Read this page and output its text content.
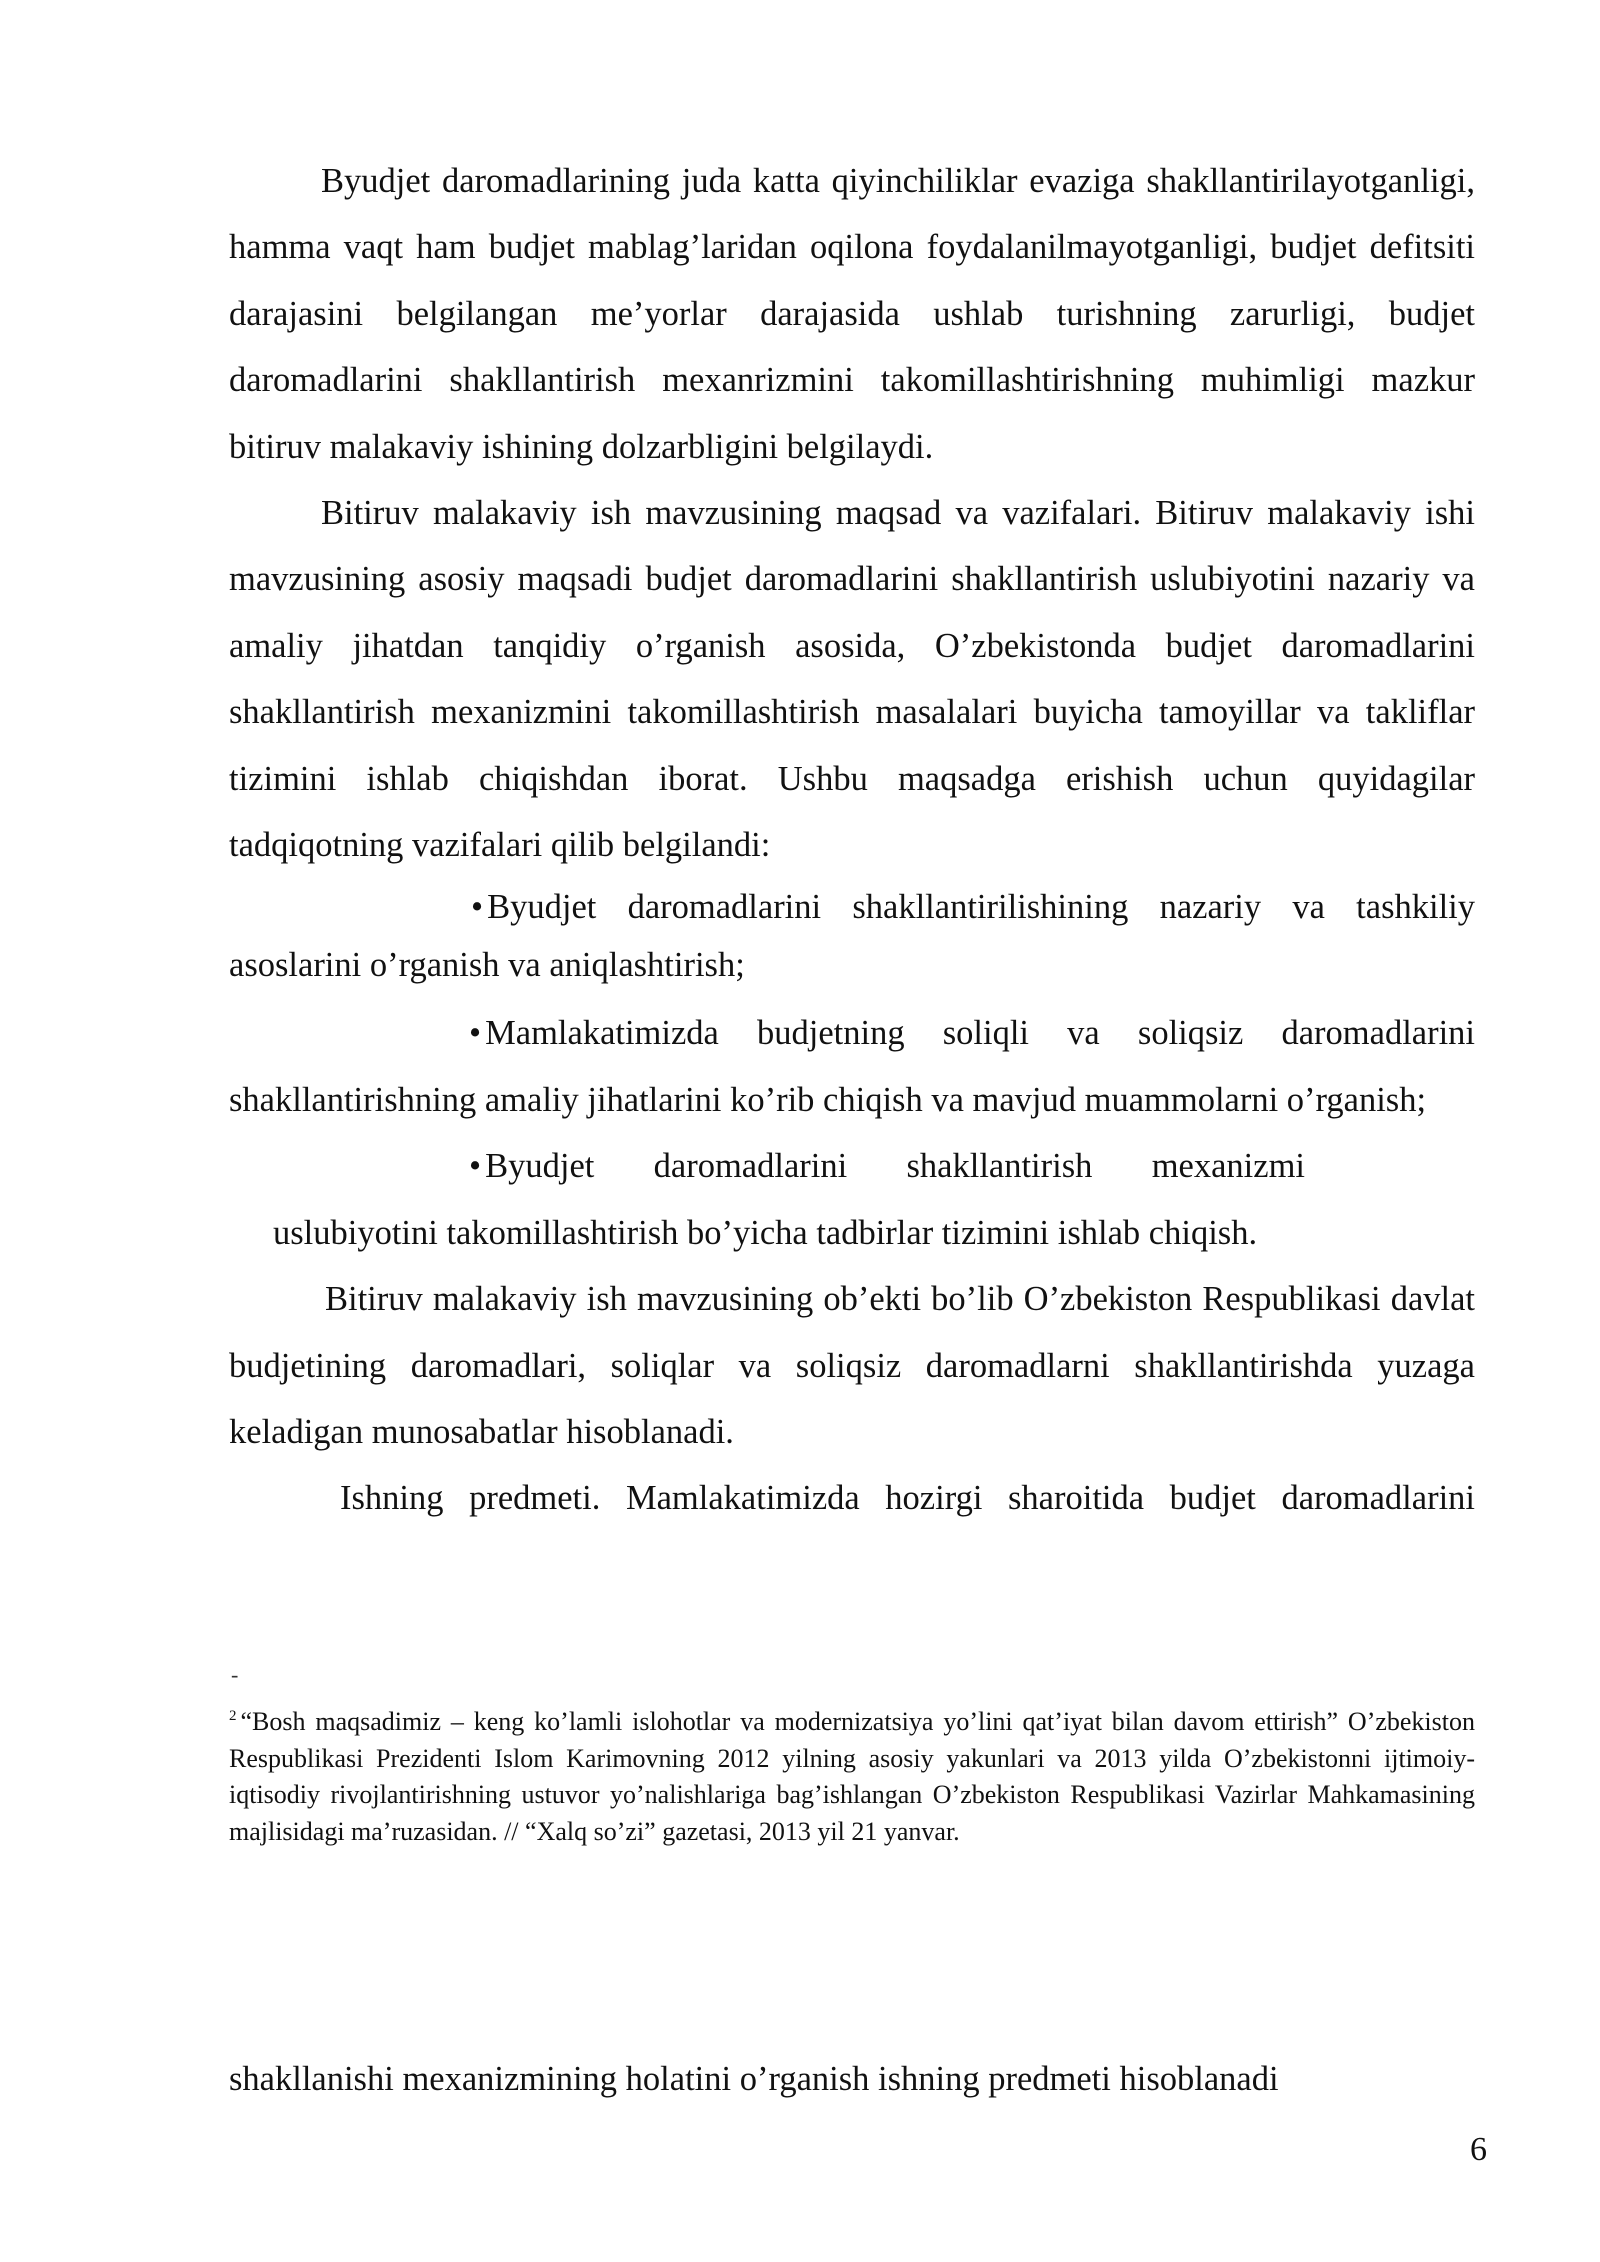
Byudjet daromadlarining juda katta qiyinchiliklar evaziga shakllantirilayotganligi, hamma vaqt ham budjet mablag’laridan oqilona foydalanilmayotganligi, budjet defitsiti darajasini belgilangan me’yorlar darajasida ushlab turishning zarurligi, budjet daromadlarini shakllantirish mexanrizmini takomillashtirishning muhimligi mazkur bitiruv malakaviy ishining dolzarbligini belgilaydi.

Bitiruv malakaviy ish mavzusining maqsad va vazifalari. Bitiruv malakaviy ishi mavzusining asosiy maqsadi budjet daromadlarini shakllantirish uslubiyotini nazariy va amaliy jihatdan tanqidiy o’rganish asosida, O’zbekistonda budjet daromadlarini shakllantirish mexanizmini takomillashtirish masalalari buyicha tamoyillar va takliflar tizimini ishlab chiqishdan iborat. Ushbu maqsadga erishish uchun quyidagilar tadqiqotning vazifalari qilib belgilandi:

• Byudjet daromadlarini shakllantirilishining nazariy va tashkiliy asoslarini o’rganish va aniqlashtirish;

• Mamlakatimizda budjetning soliqli va soliqsiz daromadlarini shakllantirishning amaliy jihatlarini ko’rib chiqish va mavjud muammolarni o’rganish;

• Byudjet daromadlarini shakllantirish mexanizmi

uslubiyotini takomillashtirish bo’yicha tadbirlar tizimini ishlab chiqish.

Bitiruv malakaviy ish mavzusining ob’ekti bo’lib O’zbekiston Respublikasi davlat budjetining daromadlari, soliqlar va soliqsiz daromadlarni shakllantirishda yuzaga keladigan munosabatlar hisoblanadi.

Ishning predmeti. Mamlakatimizda hozirgi sharoitida budjet daromadlarini

-
$^2$ “Bosh maqsadimiz – keng ko’lamli islohotlar va modernizatsiya yo’lini qat’iyat bilan davom ettirish” O’zbekiston Respublikasi Prezidenti Islom Karimovning 2012 yilning asosiy yakunlari va 2013 yilda O’zbekistonni ijtimoiy-iqtisodiy rivojlantirishning ustuvor yo’nalishlariga bag’ishlangan O’zbekiston Respublikasi Vazirlar Mahkamasining majlisidagi ma’ruzasidan. // “Xalq so’zi” gazetasi, 2013 yil 21 yanvar.
shakllanishi mexanizmining holatini o’rganish ishning predmeti hisoblanadi
6
